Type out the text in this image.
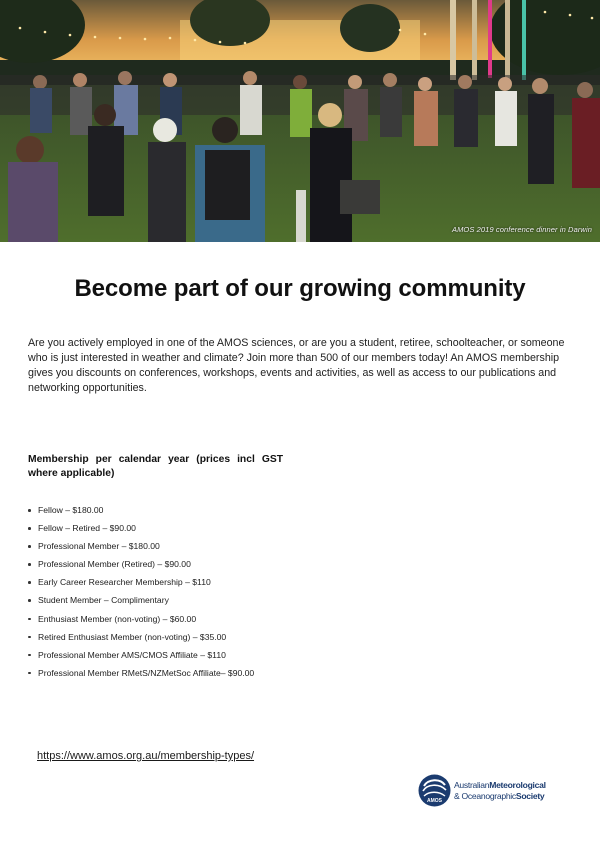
AMOS 2019 conference dinner in Darwin
Become part of our growing community

Are you actively employed in one of the AMOS sciences, or are you a student, retiree, schoolteacher, or someone who is just interested in weather and climate? Join more than 500 of our members today! An AMOS membership gives you discounts on conferences, workshops, events and activities, as well as access to our publications and networking opportunities.

Membership per calendar year (prices incl GST where applicable)
Fellow – $180.00
Fellow – Retired – $90.00
Professional Member – $180.00
Professional Member (Retired) – $90.00
Early Career Researcher Membership – $110
Student Member – Complimentary
Enthusiast Member (non-voting) – $60.00
Retired Enthusiast Member (non-voting) – $35.00
Professional Member AMS/CMOS Affiliate – $110
Professional Member RMetS/NZMetSoc Affiliate– $90.00
https://www.amos.org.au/membership-types/
AMOS
AustralianMeteorological
& OceanographicSociety
